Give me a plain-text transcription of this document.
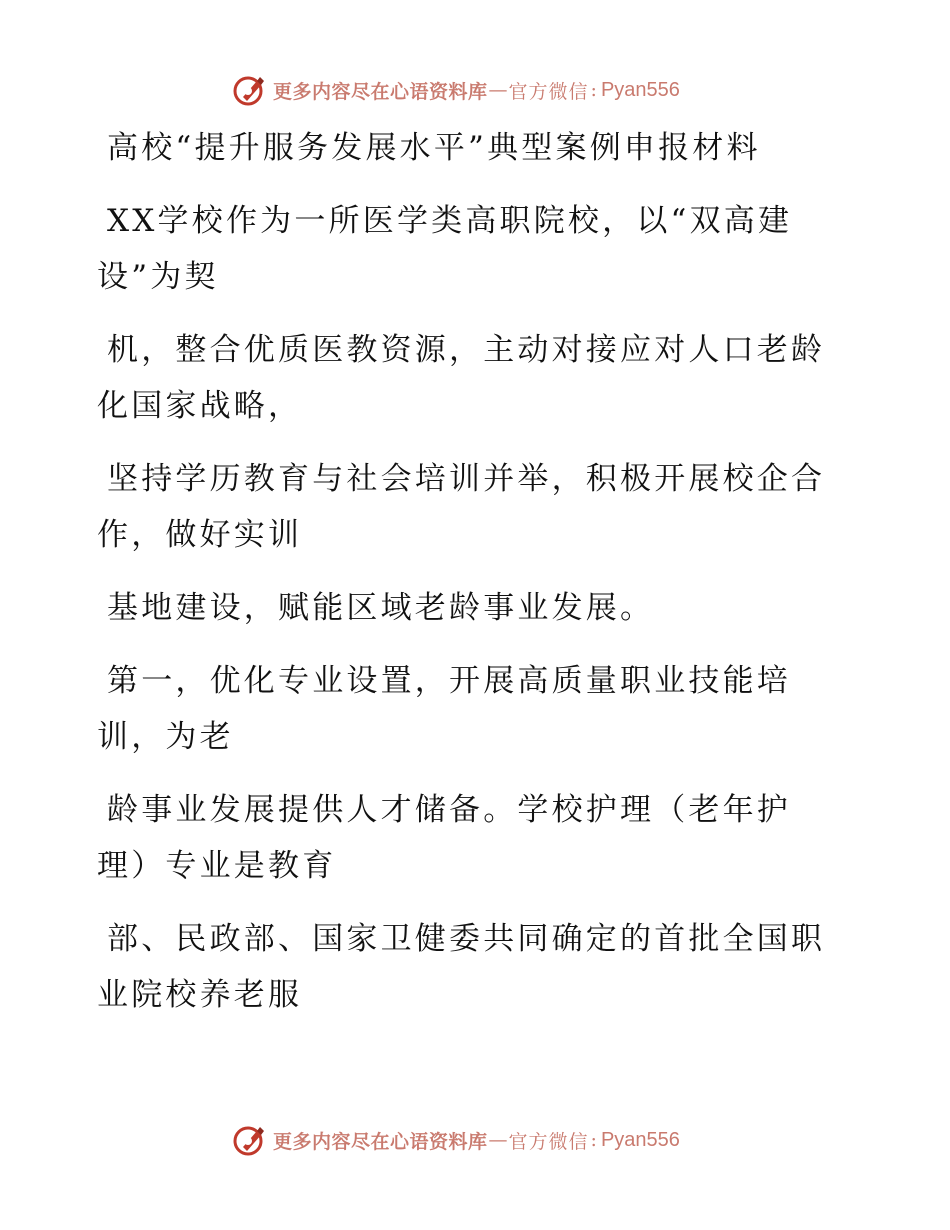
更多内容尽在心语资料库 — 官方微信 : Pyan556

高校“提升服务发展水平”典型案例申报材料

XX学校作为一所医学类高职院校，以“双高建设”为契

机，整合优质医教资源，主动对接应对人口老龄化国家战略，

坚持学历教育与社会培训并举，积极开展校企合作，做好实训

基地建设，赋能区域老龄事业发展。

第一，优化专业设置，开展高质量职业技能培训，为老

龄事业发展提供人才储备。学校护理（老年护理）专业是教育

部、民政部、国家卫健委共同确定的首批全国职业院校养老服

更多内容尽在心语资料库 — 官方微信 : Pyan556
